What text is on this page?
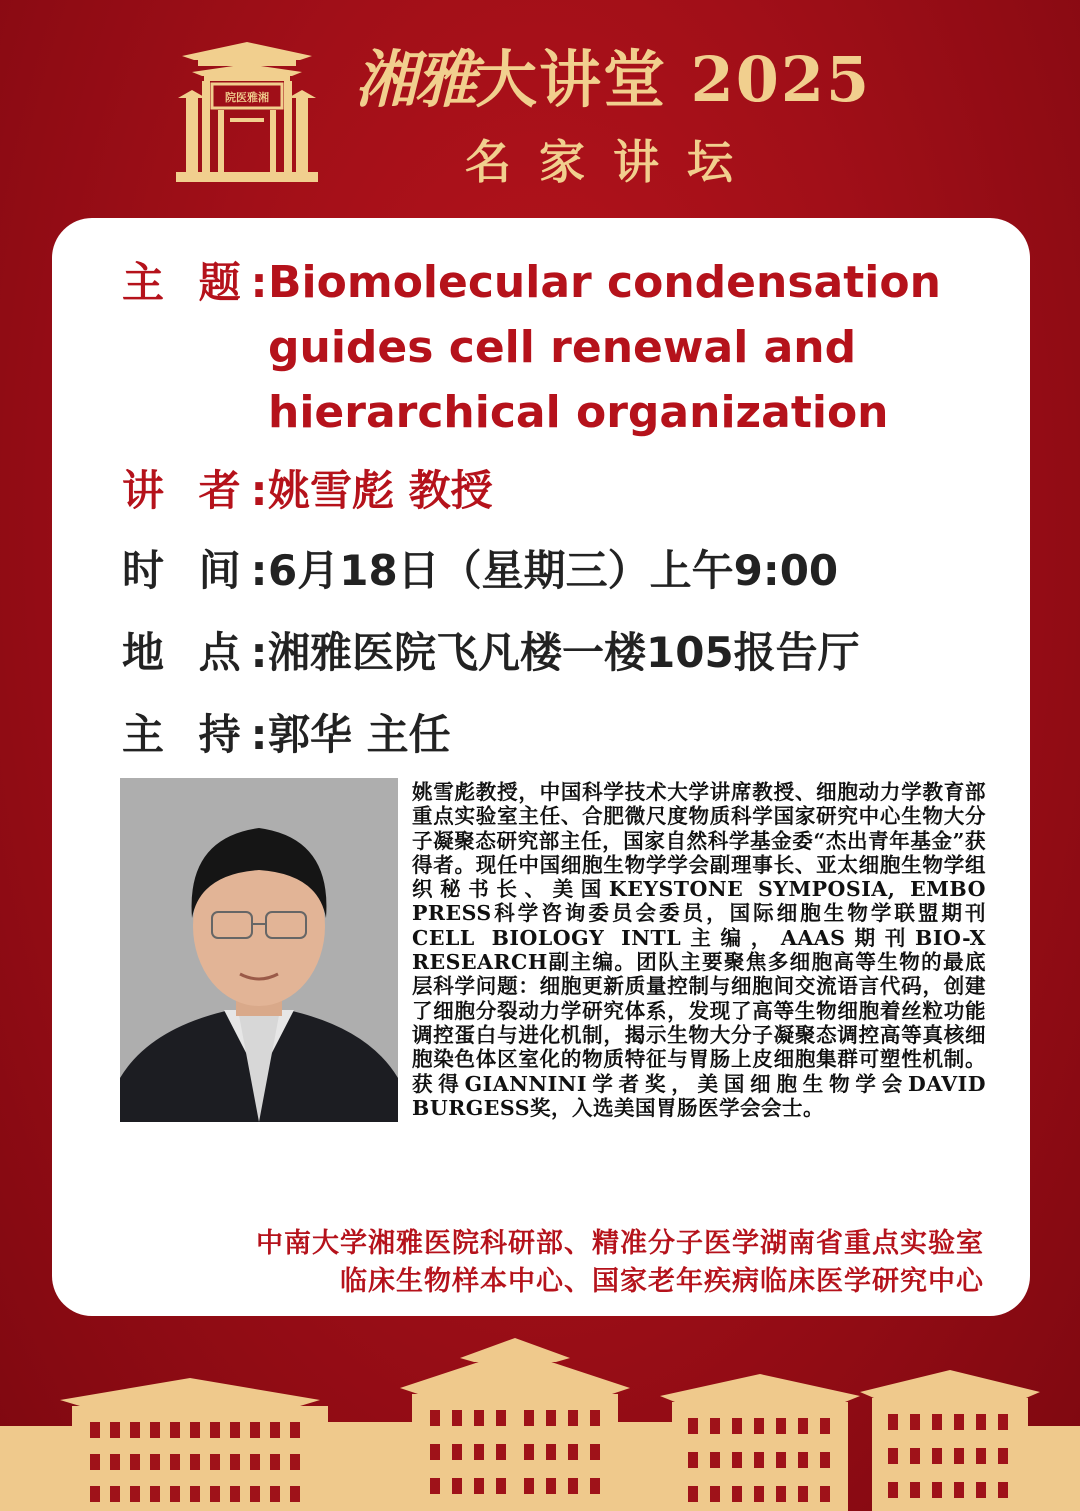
院医雅湘 湘雅大讲堂 2025
名家讲坛
主 题:
Biomolecular condensation guides cell renewal and hierarchical organization
讲 者:
姚雪彪 教授
时 间:
6月18日（星期三）上午9:00
地 点:
湘雅医院飞凡楼一楼105报告厅
主 持:
郭华 主任
姚雪彪教授，中国科学技术大学讲席教授、细胞动力学教育部重点实验室主任、合肥微尺度物质科学国家研究中心生物大分子凝聚态研究部主任，国家自然科学基金委“杰出青年基金”获得者。现任中国细胞生物学学会副理事长、亚太细胞生物学组织秘书长、美国KEYSTONE SYMPOSIA, EMBO PRESS科学咨询委员会委员，国际细胞生物学联盟期刊CELL BIOLOGY INTL主编，AAAS期刊BIO-X RESEARCH副主编。团队主要聚焦多细胞高等生物的最底层科学问题：细胞更新质量控制与细胞间交流语言代码，创建了细胞分裂动力学研究体系，发现了高等生物细胞着丝粒功能调控蛋白与进化机制，揭示生物大分子凝聚态调控高等真核细胞染色体区室化的物质特征与胃肠上皮细胞集群可塑性机制。获得GIANNINI学者奖，美国细胞生物学会DAVID BURGESS奖，入选美国胃肠医学会会士。
中南大学湘雅医院科研部、精准分子医学湖南省重点实验室
临床生物样本中心、国家老年疾病临床医学研究中心
